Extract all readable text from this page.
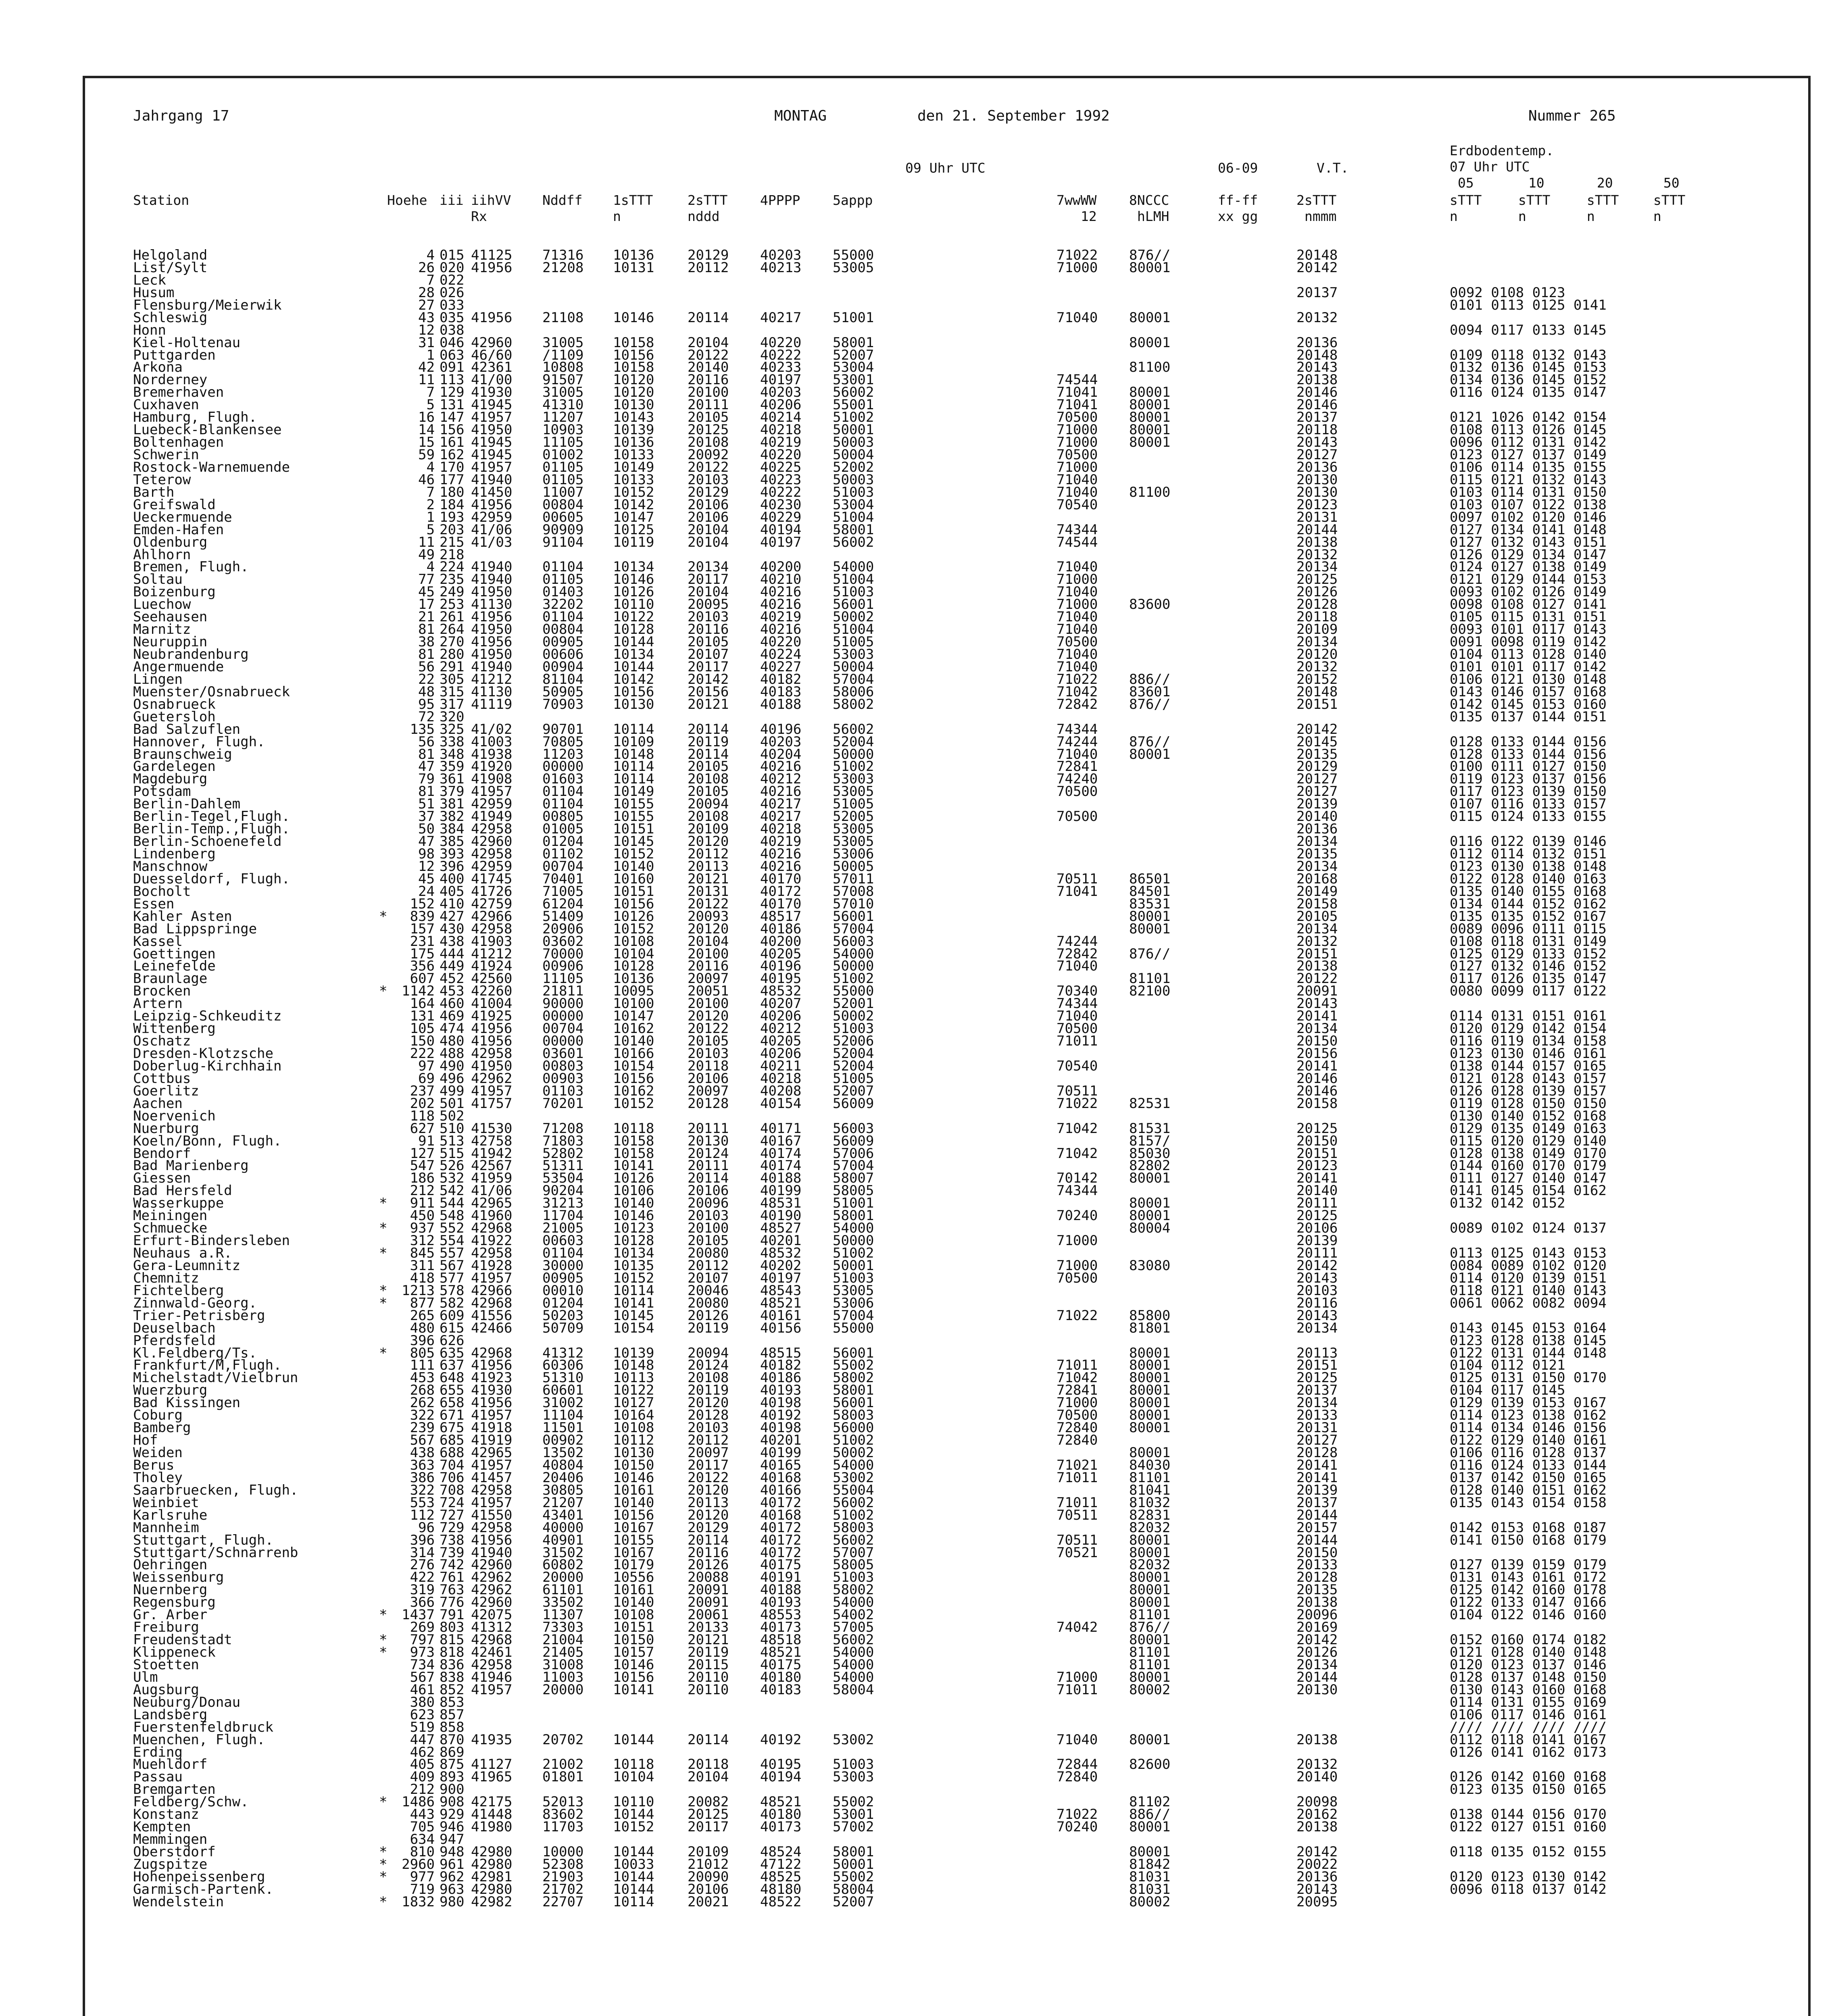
Jahrgang 17	MONTAG	den 21. September 1992	Nummer 265
09 Uhr UTC	06-09	V.T.
Erdbodentemp.
07 Uhr UTC
05	10	20	50
Station	Hoehe iii iihVV Nddff 1sTTT	2sTTT 4PPPP 5appp	7wwWW 8NCCC	ff-ff	2sTTT	sTTT	sTTT	sTTT	sTTT
Rx	n	nddd	12	hLMH	xx gg	nmmm	n	n	n	n
Helgoland	4 015 41125 71316 10136 20129 40203 55000	71022 876//	20148
List/Sylt	26 020 41956 21208 10131 20112 40213 53005	71000 80001	20142
Leck	7 022
Husum	28 026	20137	0092 0108 0123
Flensburg/Meierwik	27 033	0101 0113 0125 0141
Schleswig	43 035 41956 21108 10146 20114 40217 51001	71040 80001	20132
Honn	12 038	0094 0117 0133 0145
Kiel-Holtenau	31 046 42960 31005 10158 20104 40220 58001	80001	20136
Puttgarden	1 063 46/60 /1109 10156 20122 40222 52007	20148	0109 0118 0132 0143
Arkona	42 091 42361 10808 10158 20140 40233 53004	81100	20143	0132 0136 0145 0153
Norderney	11 113 41/00 91507 10120 20116 40197 53001	74544	20138	0134 0136 0145 0152
Bremerhaven	7 129 41930 31005 10120 20100 40203 56002	71041 80001	20146	0116 0124 0135 0147
Cuxhaven	5 131 41945 41310 10130 20111 40206 55001	71041 80001	20146
Hamburg, Flugh.	16 147 41957 11207 10143 20105 40214 51002	70500 80001	20137	0121 1026 0142 0154
Luebeck-Blankensee	14 156 41950 10903 10139 20125 40218 50001	71000 80001	20118	0108 0113 0126 0145
Boltenhagen	15 161 41945 11105 10136 20108 40219 50003	71000 80001	20143	0096 0112 0131 0142
Schwerin	59 162 41945 01002 10133 20092 40220 50004	70500	20127	0123 0127 0137 0149
Rostock-Warnemuende	4 170 41957 01105 10149 20122 40225 52002	71000	20136	0106 0114 0135 0155
Teterow	46 177 41940 01105 10133 20103 40223 50003	71040	20130	0115 0121 0132 0143
Barth	7 180 41450 11007 10152 20129 40222 51003	71040 81100	20130	0103 0114 0131 0150
Greifswald	2 184 41956 00804 10142 20106 40230 53004	70540	20123	0103 0107 0122 0138
Ueckermuende	1 193 42959 00605 10147 20106 40229 51004	20131	0097 0102 0120 0146
Emden-Hafen	5 203 41/06 90909 10125 20104 40194 58001	74344	20144	0127 0134 0141 0148
Oldenburg	11 215 41/03 91104 10119 20104 40197 56002	74544	20138	0127 0132 0143 0151
Ahlhorn	49 218	20132	0126 0129 0134 0147
Bremen, Flugh.	4 224 41940 01104 10134 20134 40200 54000	71040	20134	0124 0127 0138 0149
Soltau	77 235 41940 01105 10146 20117 40210 51004	71000	20125	0121 0129 0144 0153
Boizenburg	45 249 41950 01403 10126 20104 40216 51003	71040	20126	0093 0102 0126 0149
Luechow	17 253 41130 32202 10110 20095 40216 56001	71000 83600	20128	0098 0108 0127 0141
Seehausen	21 261 41956 01104 10122 20103 40219 50002	71040	20118	0105 0115 0131 0151
Marnitz	81 264 41950 00804 10128 20116 40216 51004	71040	20109	0093 0101 0117 0143
Neuruppin	38 270 41956 00905 10144 20105 40220 51005	70500	20134	0091 0098 0119 0142
Neubrandenburg	81 280 41950 00606 10134 20107 40224 53003	71040	20120	0104 0113 0128 0140
Angermuende	56 291 41940 00904 10144 20117 40227 50004	71040	20132	0101 0101 0117 0142
Lingen	22 305 41212 81104 10142 20142 40182 57004	71022 886//	20152	0106 0121 0130 0148
Muenster/Osnabrueck	48 315 41130 50905 10156 20156 40183 58006	71042 83601	20148	0143 0146 0157 0168
Osnabrueck	95 317 41119 70903 10130 20121 40188 58002	72842 876//	20151	0142 0145 0153 0160
Guetersloh	72 320	0135 0137 0144 0151
Bad Salzuflen	135 325 41/02 90701 10114 20114 40196 56002	74344	20142
Hannover, Flugh.	56 338 41003 70805 10109 20119 40203 52004	74244 876//	20145	0128 0133 0144 0156
Braunschweig	81 348 41938 11203 10148 20114 40204 50000	71040 80001	20135	0128 0133 0144 0156
Gardelegen	47 359 41920 00000 10114 20105 40216 51002	72841	20129	0100 0111 0127 0150
Magdeburg	79 361 41908 01603 10114 20108 40212 53003	74240	20127	0119 0123 0137 0156
Potsdam	81 379 41957 01104 10149 20105 40216 53005	70500	20127	0117 0123 0139 0150
Berlin-Dahlem	51 381 42959 01104 10155 20094 40217 51005	20139	0107 0116 0133 0157
Berlin-Tegel,Flugh.	37 382 41949 00805 10155 20108 40217 52005	70500	20140	0115 0124 0133 0155
Berlin-Temp.,Flugh.	50 384 42958 01005 10151 20109 40218 53005	20136
Berlin-Schoenefeld	47 385 42960 01204 10145 20120 40219 53005	20134	0116 0122 0139 0146
Lindenberg	98 393 42958 01102 10152 20112 40216 53006	20135	0112 0114 0132 0151
Manschnow	12 396 42959 00704 10140 20113 40216 50005	20134	0123 0130 0138 0148
Duesseldorf, Flugh.	45 400 41745 70401 10160 20121 40170 57011	70511 86501	20168	0122 0128 0140 0163
Bocholt	24 405 41726 71005 10151 20131 40172 57008	71041 84501	20149	0135 0140 0155 0168
Essen	152 410 42759 61204 10156 20122 40170 57010	83531	20158	0134 0144 0152 0162
Kahler Asten	* 839 427 42966 51409 10126 20093 48517 56001	80001	20105	0135 0135 0152 0167
Bad Lippspringe	157 430 42958 20906 10152 20120 40186 57004	80001	20134	0089 0096 0111 0115
Kassel	231 438 41903 03602 10108 20104 40200 56003	74244	20132	0108 0118 0131 0149
Goettingen	175 444 41212 70000 10104 20100 40205 54000	72842 876//	20151	0125 0129 0133 0152
Leinefelde	356 449 41924 00906 10128 20116 40196 50000	71040	20138	0127 0132 0146 0152
Braunlage	607 452 42560 11105 10136 20097 40195 51002	81101	20122	0117 0126 0135 0147
Brocken	* 1142 453 42260 21811 10095 20051 48532 55000	70340 82100	20091	0080 0099 0117 0122
Artern	164 460 41004 90000 10100 20100 40207 52001	74344	20143
Leipzig-Schkeuditz	131 469 41925 00000 10147 20120 40206 50002	71040	20141	0114 0131 0151 0161
Wittenberg	105 474 41956 00704 10162 20122 40212 51003	70500	20134	0120 0129 0142 0154
Oschatz	150 480 41956 00000 10140 20105 40205 52006	71011	20150	0116 0119 0134 0158
Dresden-Klotzsche	222 488 42958 03601 10166 20103 40206 52004	20156	0123 0130 0146 0161
Doberlug-Kirchhain	97 490 41950 00803 10154 20118 40211 52004	70540	20141	0138 0144 0157 0165
Cottbus	69 496 42962 00903 10156 20106 40218 51005	20146	0121 0128 0143 0157
Goerlitz	237 499 41957 01103 10162 20097 40208 52007	70511	20146	0126 0128 0139 0157
Aachen	202 501 41757 70201 10152 20128 40154 56009	71022 82531	20158	0119 0128 0150 0150
Noervenich	118 502	0130 0140 0152 0168
Nuerburg	627 510 41530 71208 10118 20111 40171 56003	71042 81531	20125	0129 0135 0149 0163
Koeln/Bonn, Flugh.	91 513 42758 71803 10158 20130 40167 56009	8157/	20150	0115 0120 0129 0140
Bendorf	127 515 41942 52802 10158 20124 40174 57006	71042 85030	20151	0128 0138 0149 0170
Bad Marienberg	547 526 42567 51311 10141 20111 40174 57004	82802	20123	0144 0160 0170 0179
Giessen	186 532 41959 53504 10126 20114 40188 58007	70142 80001	20141	0111 0127 0140 0147
Bad Hersfeld	212 542 41/06 90204 10106 20106 40199 58005	74344	20140	0141 0145 0154 0162
Wasserkuppe	* 911 544 42965 31213 10140 20096 48531 51001	80001	20111	0132 0142 0152
Meiningen	450 548 41960 11704 10146 20103 40190 58001	70240 80001	20125
Schmuecke	* 937 552 42968 21005 10123 20100 48527 54000	80004	20106	0089 0102 0124 0137
Erfurt-Bindersleben	312 554 41922 00603 10128 20105 40201 50000	71000	20139
Neuhaus a.R.	* 845 557 42958 01104 10134 20080 48532 51002	20111	0113 0125 0143 0153
Gera-Leumnitz	311 567 41928 30000 10135 20112 40202 50001	71000 83080	20142	0084 0089 0102 0120
Chemnitz	418 577 41957 00905 10152 20107 40197 51003	70500	20143	0114 0120 0139 0151
Fichtelberg	* 1213 578 42966 00010 10114 20046 48543 53005	20103	0118 0121 0140 0143
Zinnwald-Georg.	* 877 582 42968 01204 10141 20080 48521 53006	20116	0061 0062 0082 0094
Trier-Petrisberg	265 609 41556 50203 10145 20126 40161 57004	71022 85800	20143
Deuselbach	480 615 42466 50709 10154 20119 40156 55000	81801	20134	0143 0145 0153 0164
Pferdsfeld	396 626	0123 0128 0138 0145
Kl.Feldberg/Ts.	* 805 635 42968 41312 10139 20094 48515 56001	80001	20113	0122 0131 0144 0148
Frankfurt/M,Flugh.	111 637 41956 60306 10148 20124 40182 55002	71011 80001	20151	0104 0112 0121
Michelstadt/Vielbrun	453 648 41923 51310 10113 20108 40186 58002	71042 80001	20125	0125 0131 0150 0170
Wuerzburg	268 655 41930 60601 10122 20119 40193 58001	72841 80001	20137	0104 0117 0145
Bad Kissingen	262 658 41956 31002 10127 20120 40198 56001	71000 80001	20134	0129 0139 0153 0167
Coburg	322 671 41957 11104 10164 20128 40192 58003	70500 80001	20133	0114 0123 0138 0162
Bamberg	239 675 41918 11501 10108 20103 40198 56000	72840 80001	20131	0114 0134 0146 0156
Hof	567 685 41919 00902 10112 20112 40201 51002	72840	20127	0122 0129 0140 0161
Weiden	438 688 42965 13502 10130 20097 40199 50002	80001	20128	0106 0116 0128 0137
Berus	363 704 41957 40804 10150 20117 40165 54000	71021 84030	20141	0116 0124 0133 0144
Tholey	386 706 41457 20406 10146 20122 40168 53002	71011 81101	20141	0137 0142 0150 0165
Saarbruecken, Flugh.	322 708 42958 30805 10161 20120 40166 55004	81041	20139	0128 0140 0151 0162
Weinbiet	553 724 41957 21207 10140 20113 40172 56002	71011 81032	20137	0135 0143 0154 0158
Karlsruhe	112 727 41550 43401 10156 20120 40168 51002	70511 82831	20144
Mannheim	96 729 42958 40000 10167 20129 40172 58003	82032	20157	0142 0153 0168 0187
Stuttgart, Flugh.	396 738 41956 40901 10155 20114 40172 56002	70511 80001	20144	0141 0150 0168 0179
Stuttgart/Schnarrenb	314 739 41940 31502 10167 20116 40172 57007	70521 80001	20150
Oehringen	276 742 42960 60802 10179 20126 40175 58005	82032	20133	0127 0139 0159 0179
Weissenburg	422 761 42962 20000 10556 20088 40191 51003	80001	20128	0131 0143 0161 0172
Nuernberg	319 763 42962 61101 10161 20091 40188 58002	80001	20135	0125 0142 0160 0178
Regensburg	366 776 42960 33502 10140 20091 40193 54000	80001	20138	0122 0133 0147 0166
Gr. Arber	* 1437 791 42075 11307 10108 20061 48553 54002	81101	20096	0104 0122 0146 0160
Freiburg	269 803 41312 73303 10151 20133 40173 57005	74042 876//	20169
Freudenstadt	* 797 815 42968 21004 10150 20121 48518 56002	80001	20142	0152 0160 0174 0182
Klippeneck	* 973 818 42461 21405 10157 20119 48521 54000	81101	20126	0121 0128 0140 0148
Stoetten	734 836 42958 31008 10146 20115 40175 54000	81101	20134	0120 0123 0137 0146
Ulm	567 838 41946 11003 10156 20110 40180 54000	71000 80001	20144	0128 0137 0148 0150
Augsburg	461 852 41957 20000 10141 20110 40183 58004	71011 80002	20130	0130 0143 0160 0168
Neuburg/Donau	380 853	0114 0131 0155 0169
Landsberg	623 857	0106 0117 0146 0161
Fuerstenfeldbruck	519 858	//// //// //// ////
Muenchen, Flugh.	447 870 41935 20702 10144 20114 40192 53002	71040 80001	20138	0112 0118 0141 0167
Erding	462 869	0126 0141 0162 0173
Muehldorf	405 875 41127 21002 10118 20118 40195 51003	72844 82600	20132
Passau	409 893 41965 01801 10104 20104 40194 53003	72840	20140	0126 0142 0160 0168
Bremgarten	212 900	0123 0135 0150 0165
Feldberg/Schw.	* 1486 908 42175 52013 10110 20082 48521 55002	81102	20098
Konstanz	443 929 41448 83602 10144 20125 40180 53001	71022 886//	20162	0138 0144 0156 0170
Kempten	705 946 41980 11703 10152 20117 40173 57002	70240 80001	20138	0122 0127 0151 0160
Memmingen	634 947
Oberstdorf	* 810 948 42980 10000 10144 20109 48524 58001	80001	20142	0118 0135 0152 0155
Zugspitze	* 2960 961 42980 52308 10033 21012 47122 50001	81842	20022
Hohenpeissenberg	* 977 962 42981 21903 10144 20090 48525 55002	81031	20136	0120 0123 0130 0142
Garmisch-Partenk.	719 963 42980 21702 10144 20106 48180 58004	81031	20143	0096 0118 0137 0142
Wendelstein	* 1832 980 42982 22707 10114 20021 48522 52007	80002	20095
